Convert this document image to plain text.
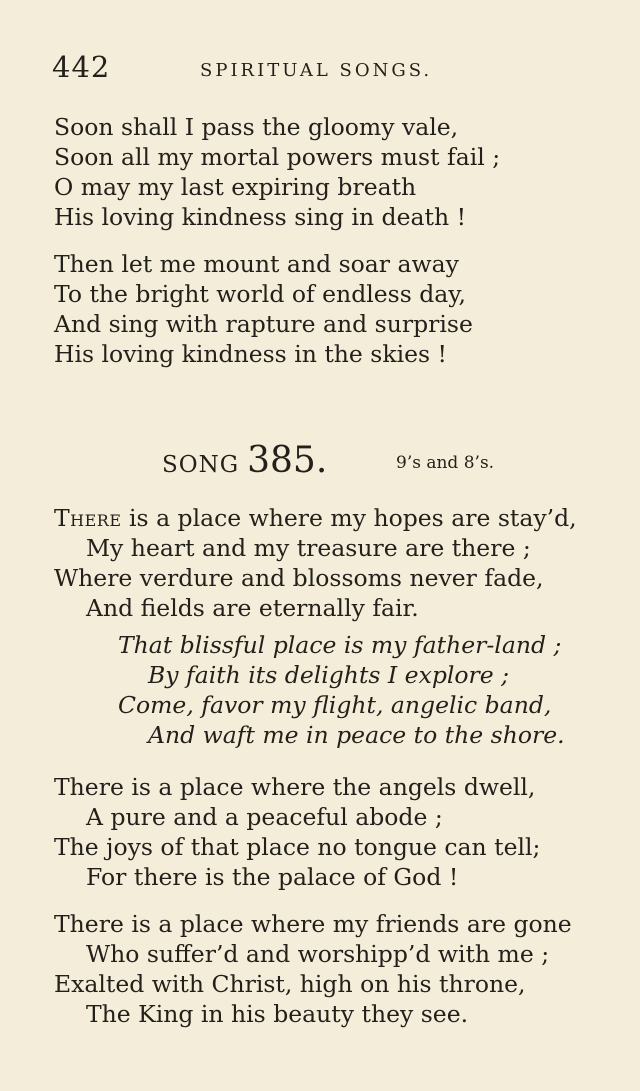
442	SPIRITUAL SONGS.
Soon shall I pass the gloomy vale,
Soon all my mortal powers must fail ;
O may my last expiring breath
His loving kindness sing in death !
Then let me mount and soar away
To the bright world of endless day,
And sing with rapture and surprise
His loving kindness in the skies !
SONG 385.	9’s and 8’s.
There is a place where my hopes are stay’d,
My heart and my treasure are there ;
Where verdure and blossoms never fade,
And fields are eternally fair.
That blissful place is my father-land ;
By faith its delights I explore ;
Come, favor my flight, angelic band,
And waft me in peace to the shore.
There is a place where the angels dwell,
A pure and a peaceful abode ;
The joys of that place no tongue can tell;
For there is the palace of God !
There is a place where my friends are gone
Who suffer’d and worshipp’d with me ;
Exalted with Christ, high on his throne,
The King in his beauty they see.
